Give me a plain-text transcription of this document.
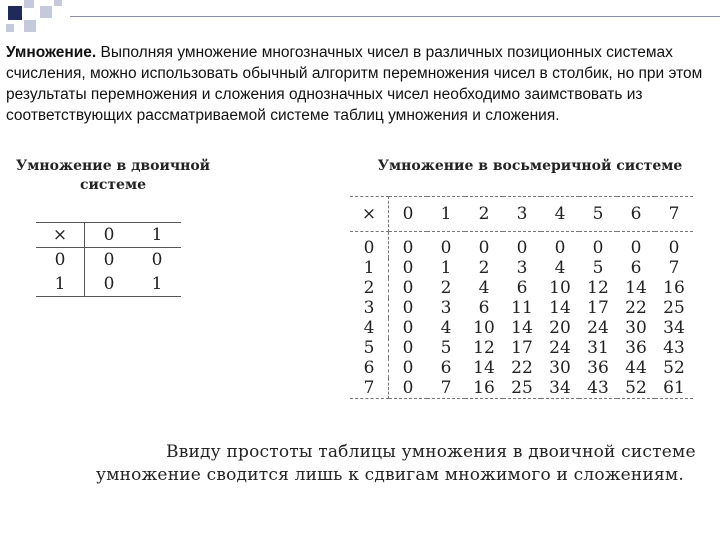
Умножение. Выполняя умножение многозначных чисел в различных позиционных системах счисления, можно использовать обычный алгоритм перемножения чисел в столбик, но при этом результаты перемножения и сложения однозначных чисел необходимо заимствовать из соответствующих рассматриваемой системе таблиц умножения и сложения.
Умножение в двоичной
системе
×	0	1
0	0	0
1	0	1
Умножение в восьмеричной системе
×	0	1	2	3	4	5	6	7
0	0	0	0	0	0	0	0	0
1	0	1	2	3	4	5	6	7
2	0	2	4	6	10	12	14	16
3	0	3	6	11	14	17	22	25
4	0	4	10	14	20	24	30	34
5	0	5	12	17	24	31	36	43
6	0	6	14	22	30	36	44	52
7	0	7	16	25	34	43	52	61
Ввиду простоты таблицы умножения в двоичной системе
умножение сводится лишь к сдвигам множимого и сложениям.
